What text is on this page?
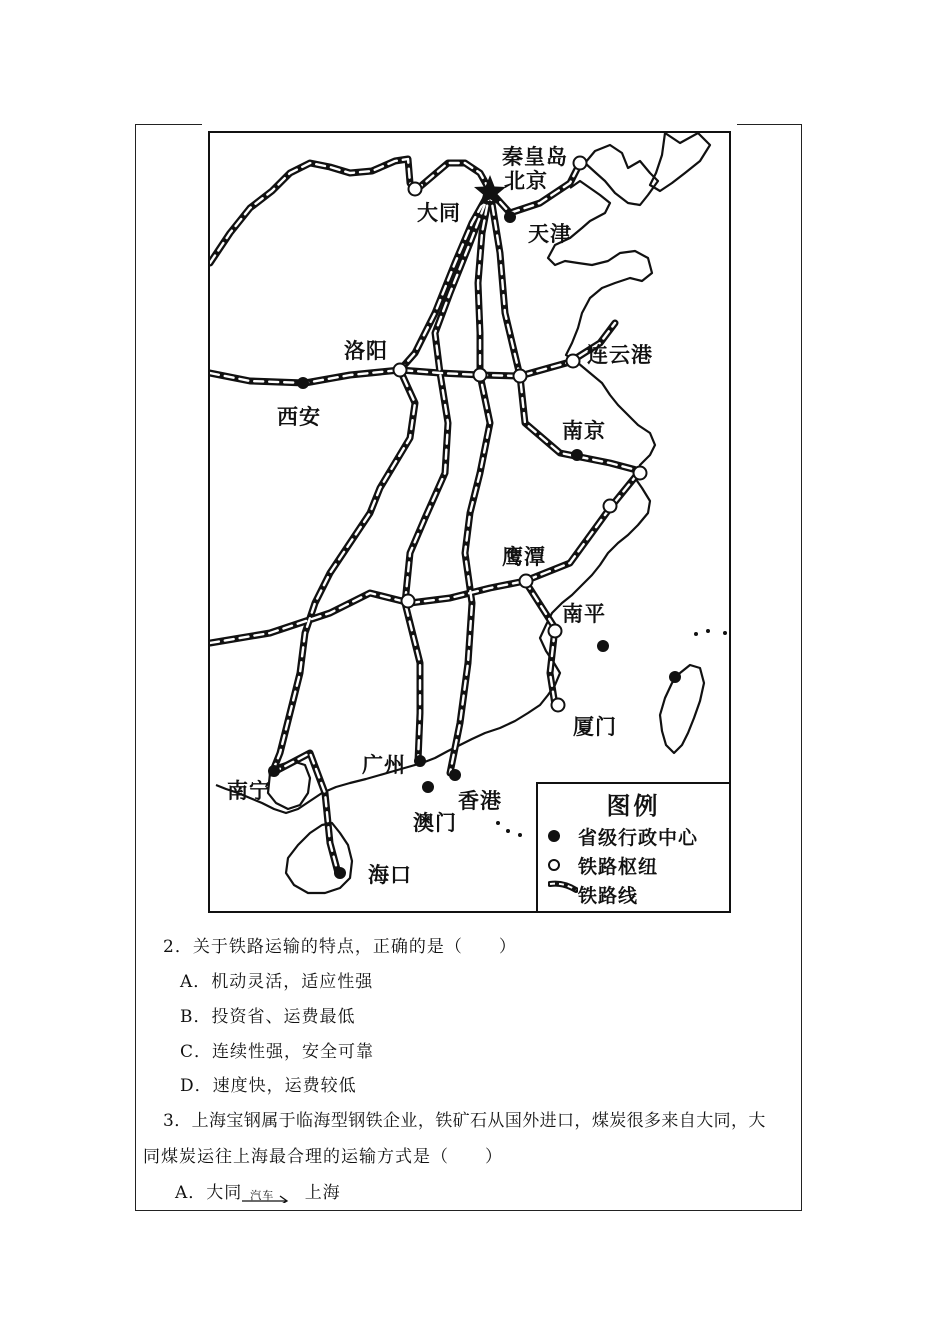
秦皇岛
北京
大同
天津
洛阳	连云港
西安
南京
鹰潭
南平
厦门
广州
南宁	香港
澳门
海口
图例
省级行政中心
铁路枢纽
铁路线
2．关于铁路运输的特点，正确的是（　　）
A．机动灵活，适应性强
B．投资省、运费最低
C．连续性强，安全可靠
D．速度快，运费较低
3．上海宝钢属于临海型钢铁企业，铁矿石从国外进口，煤炭很多来自大同，大
同煤炭运往上海最合理的运输方式是（　　）
A．大同 汽车 上海
